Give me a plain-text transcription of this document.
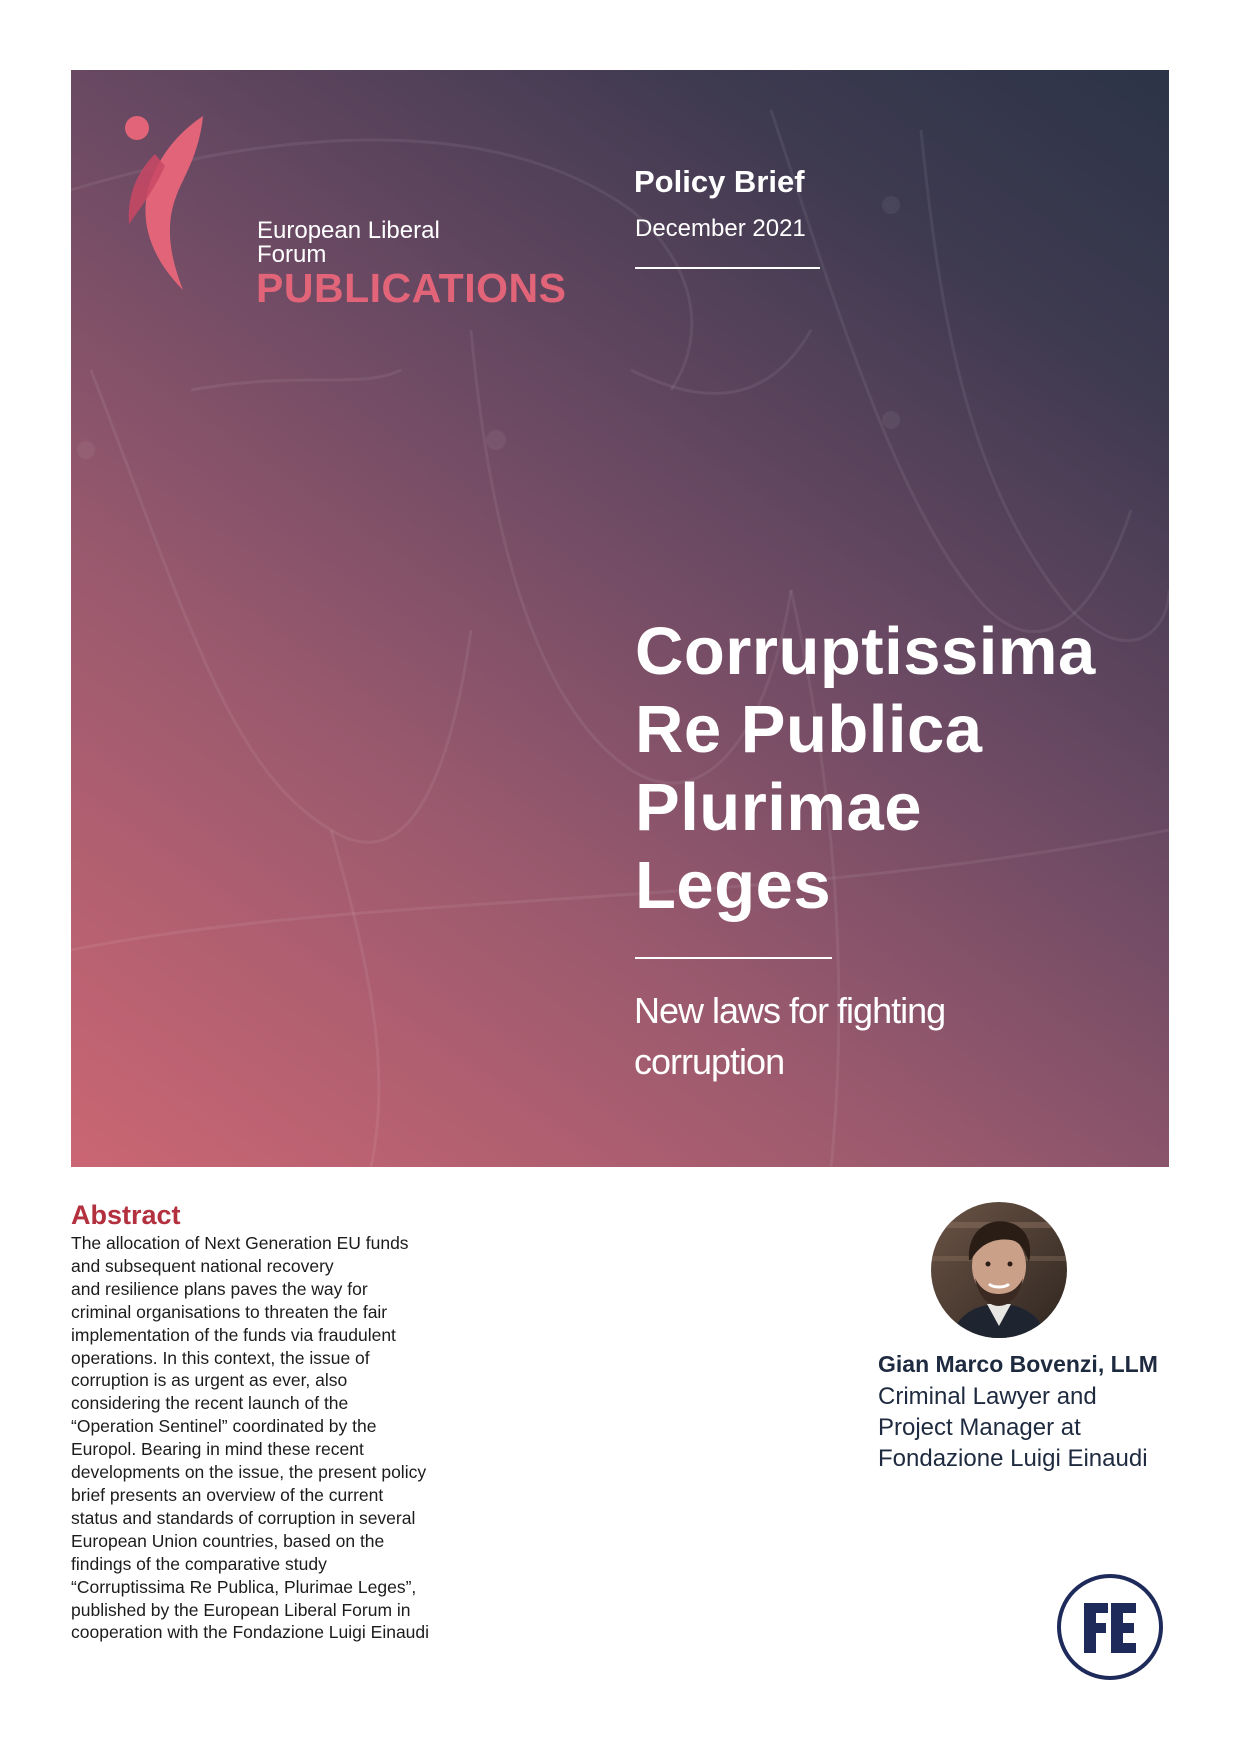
European Liberal
Forum
PUBLICATIONS
Policy Brief
December 2021
Corruptissima
Re Publica
Plurimae
Leges
New laws for fighting corruption
Abstract
The allocation of Next Generation EU funds
and subsequent national recovery
and resilience plans paves the way for
criminal organisations to threaten the fair
implementation of the funds via fraudulent
operations. In this context, the issue of
corruption is as urgent as ever, also
considering the recent launch of the
“Operation Sentinel” coordinated by the
Europol. Bearing in mind these recent
developments on the issue, the present policy
brief presents an overview of the current
status and standards of corruption in several
European Union countries, based on the
findings of the comparative study
“Corruptissima Re Publica, Plurimae Leges”,
published by the European Liberal Forum in
cooperation with the Fondazione Luigi Einaudi
Gian Marco Bovenzi, LLM
Criminal Lawyer and
Project Manager at
Fondazione Luigi Einaudi
